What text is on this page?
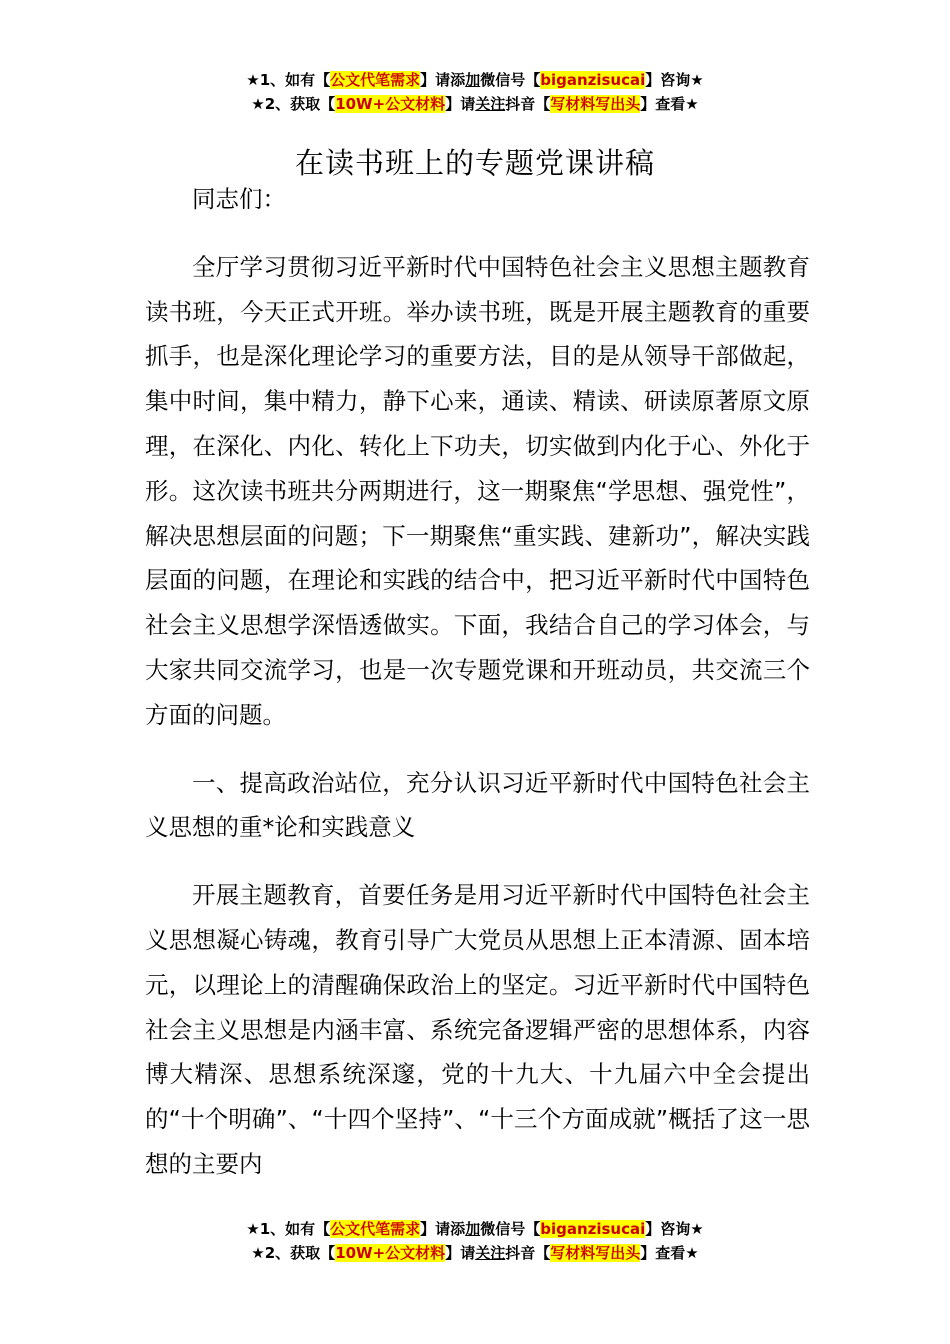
★1、如有【公文代笔需求】请添加微信号【biganzisucai】咨询★
★2、获取【10W+公文材料】请关注抖音【写材料写出头】查看★
在读书班上的专题党课讲稿

同志们：

全厅学习贯彻习近平新时代中国特色社会主义思想主题教育读书班，今天正式开班。举办读书班，既是开展主题教育的重要抓手，也是深化理论学习的重要方法，目的是从领导干部做起，集中时间，集中精力，静下心来，通读、精读、研读原著原文原理，在深化、内化、转化上下功夫，切实做到内化于心、外化于形。这次读书班共分两期进行，这一期聚焦“学思想、强党性”，解决思想层面的问题；下一期聚焦“重实践、建新功”，解决实践层面的问题，在理论和实践的结合中，把习近平新时代中国特色社会主义思想学深悟透做实。下面，我结合自己的学习体会，与大家共同交流学习，也是一次专题党课和开班动员，共交流三个方面的问题。

一、提高政治站位，充分认识习近平新时代中国特色社会主义思想的重*论和实践意义

开展主题教育，首要任务是用习近平新时代中国特色社会主义思想凝心铸魂，教育引导广大党员从思想上正本清源、固本培元，以理论上的清醒确保政治上的坚定。习近平新时代中国特色社会主义思想是内涵丰富、系统完备逻辑严密的思想体系，内容博大精深、思想系统深邃，党的十九大、十九届六中全会提出的“十个明确”、“十四个坚持”、“十三个方面成就”概括了这一思想的主要内

★1、如有【公文代笔需求】请添加微信号【biganzisucai】咨询★
★2、获取【10W+公文材料】请关注抖音【写材料写出头】查看★
